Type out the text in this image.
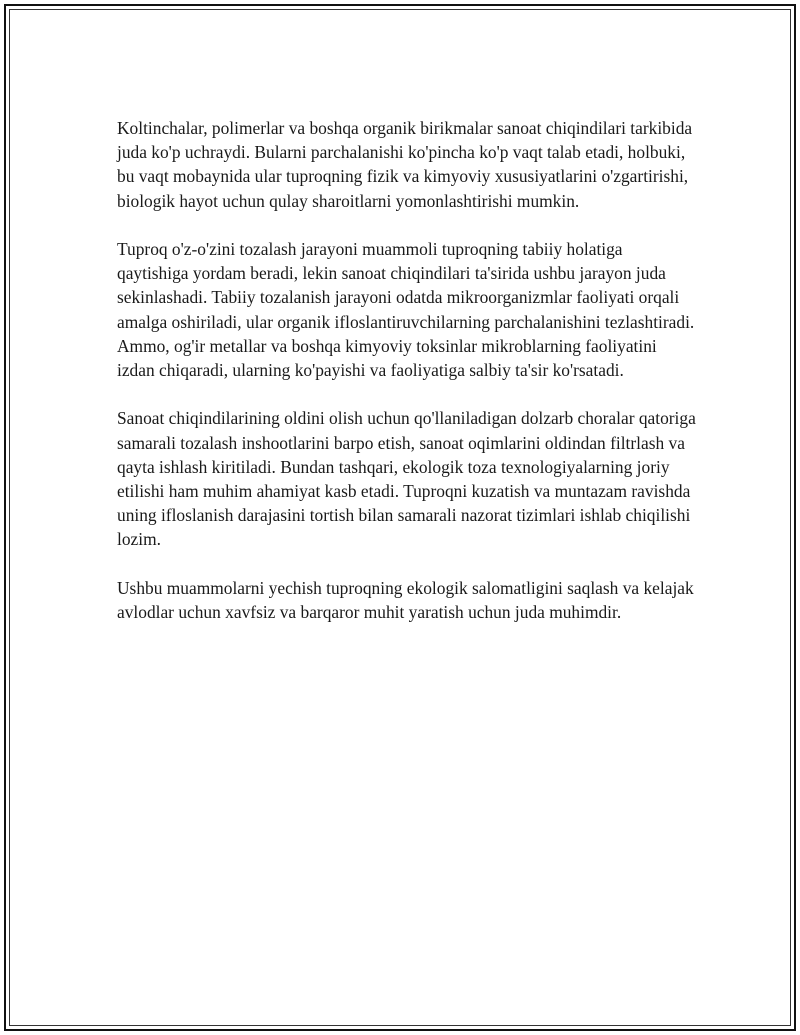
Koltinchalar, polimerlar va boshqa organik birikmalar sanoat chiqindilari tarkibida juda ko'p uchraydi. Bularni parchalanishi ko'pincha ko'p vaqt talab etadi, holbuki, bu vaqt mobaynida ular tuproqning fizik va kimyoviy xususiyatlarini o'zgartirishi, biologik hayot uchun qulay sharoitlarni yomonlashtirishi mumkin.

Tuproq o'z-o'zini tozalash jarayoni muammoli tuproqning tabiiy holatiga qaytishiga yordam beradi, lekin sanoat chiqindilari ta'sirida ushbu jarayon juda sekinlashadi. Tabiiy tozalanish jarayoni odatda mikroorganizmlar faoliyati orqali amalga oshiriladi, ular organik ifloslantiruvchilarning parchalanishini tezlashtiradi. Ammo, og'ir metallar va boshqa kimyoviy toksinlar mikroblarning faoliyatini izdan chiqaradi, ularning ko'payishi va faoliyatiga salbiy ta'sir ko'rsatadi.

Sanoat chiqindilarining oldini olish uchun qo'llaniladigan dolzarb choralar qatoriga samarali tozalash inshootlarini barpo etish, sanoat oqimlarini oldindan filtrlash va qayta ishlash kiritiladi. Bundan tashqari, ekologik toza texnologiyalarning joriy etilishi ham muhim ahamiyat kasb etadi. Tuproqni kuzatish va muntazam ravishda uning ifloslanish darajasini tortish bilan samarali nazorat tizimlari ishlab chiqilishi lozim.

Ushbu muammolarni yechish tuproqning ekologik salomatligini saqlash va kelajak avlodlar uchun xavfsiz va barqaror muhit yaratish uchun juda muhimdir.
